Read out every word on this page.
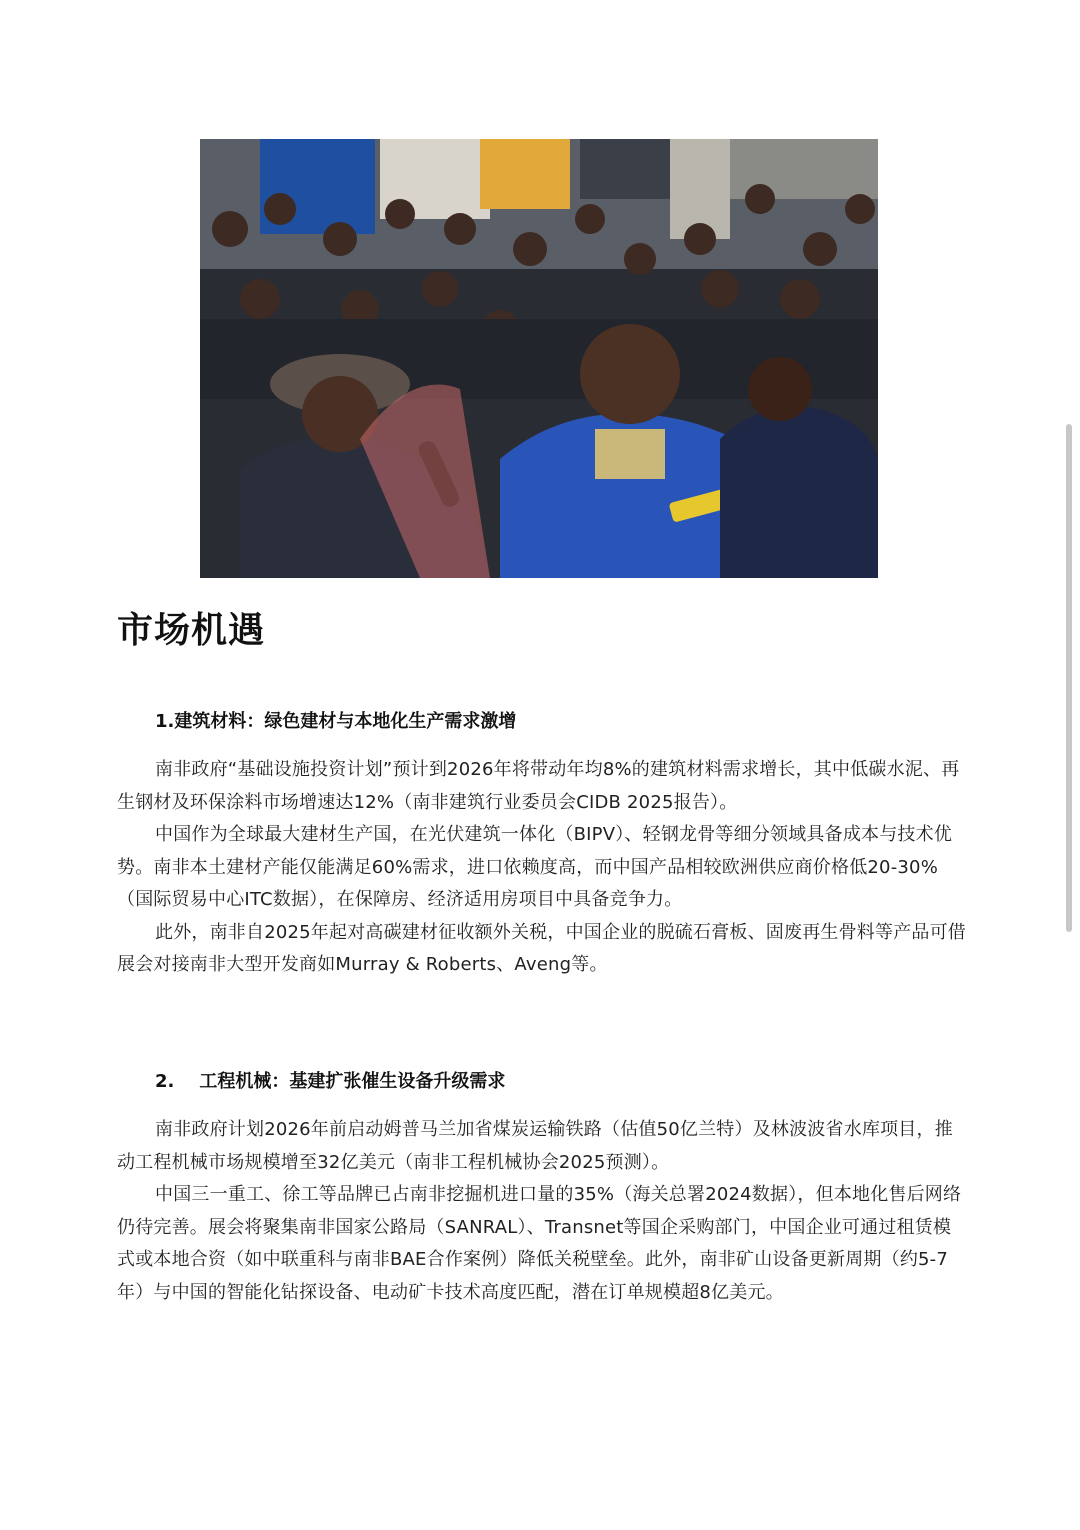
市场机遇
1.建筑材料：绿色建材与本地化生产需求激增

南非政府“基础设施投资计划”预计到2026年将带动年均8%的建筑材料需求增长，其中低碳水泥、再生钢材及环保涂料市场增速达12%（南非建筑行业委员会CIDB 2025报告）。

中国作为全球最大建材生产国，在光伏建筑一体化（BIPV）、轻钢龙骨等细分领域具备成本与技术优势。南非本土建材产能仅能满足60%需求，进口依赖度高，而中国产品相较欧洲供应商价格低20-30%（国际贸易中心ITC数据），在保障房、经济适用房项目中具备竞争力。

此外，南非自2025年起对高碳建材征收额外关税，中国企业的脱硫石膏板、固废再生骨料等产品可借展会对接南非大型开发商如Murray & Roberts、Aveng等。

2.    工程机械：基建扩张催生设备升级需求

南非政府计划2026年前启动姆普马兰加省煤炭运输铁路（估值50亿兰特）及林波波省水库项目，推动工程机械市场规模增至32亿美元（南非工程机械协会2025预测）。

中国三一重工、徐工等品牌已占南非挖掘机进口量的35%（海关总署2024数据），但本地化售后网络仍待完善。展会将聚集南非国家公路局（SANRAL）、Transnet等国企采购部门，中国企业可通过租赁模式或本地合资（如中联重科与南非BAE合作案例）降低关税壁垒。此外，南非矿山设备更新周期（约5-7年）与中国的智能化钻探设备、电动矿卡技术高度匹配，潜在订单规模超8亿美元。
